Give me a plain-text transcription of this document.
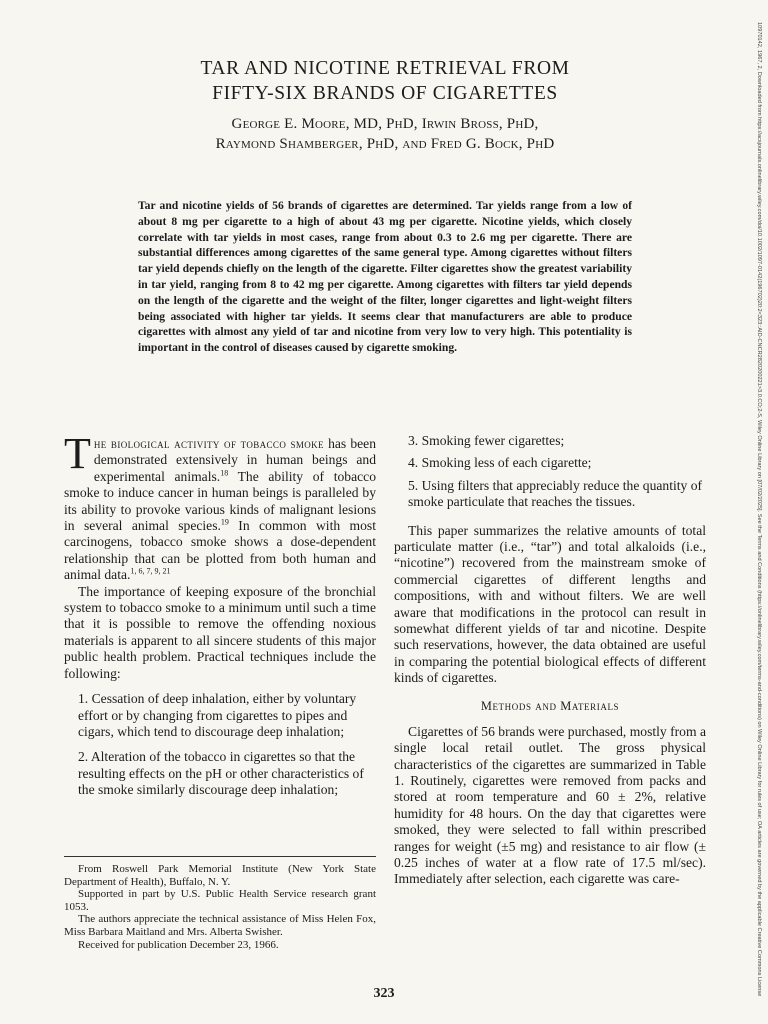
10970142, 1967, 2, Downloaded from https://acsjournals.onlinelibrary.wiley.com/doi/10.1002/1097-0142(196702)20:2<323::AID-CNCR2820200221>3.0.CO;2-S, Wiley Online Library on [07/02/2025]. See the Terms and Conditions (https://onlinelibrary.wiley.com/terms-and-conditions) on Wiley Online Library for rules of use; OA articles are governed by the applicable Creative Commons License
TAR AND NICOTINE RETRIEVAL FROM
FIFTY-SIX BRANDS OF CIGARETTES
George E. Moore, MD, PhD, Irwin Bross, PhD,
Raymond Shamberger, PhD, and Fred G. Bock, PhD
Tar and nicotine yields of 56 brands of cigarettes are determined. Tar yields range from a low of about 8 mg per cigarette to a high of about 43 mg per cigarette. Nicotine yields, which closely correlate with tar yields in most cases, range from about 0.3 to 2.6 mg per cigarette. There are substantial differences among cigarettes of the same general type. Among cigarettes without filters tar yield depends chiefly on the length of the cigarette. Filter cigarettes show the greatest variability in tar yield, ranging from 8 to 42 mg per cigarette. Among cigarettes with filters tar yield depends on the length of the cigarette and the weight of the filter, longer cigarettes and light-weight filters being associated with higher tar yields. It seems clear that manufacturers are able to produce cigarettes with almost any yield of tar and nicotine from very low to very high. This potentiality is important in the control of diseases caused by cigarette smoking.

The biological activity of tobacco smoke has been demonstrated extensively in human beings and experimental animals.$^{18}$ The ability of tobacco smoke to induce cancer in human beings is paralleled by its ability to provoke various kinds of malignant lesions in several animal species.$^{19}$ In common with most carcinogens, tobacco smoke shows a dose-dependent relationship that can be plotted from both human and animal data.$^{1, 6, 7, 9, 21}$

The importance of keeping exposure of the bronchial system to tobacco smoke to a minimum until such a time that it is possible to remove the offending noxious materials is apparent to all sincere students of this major public health problem. Practical techniques include the following:

1. Cessation of deep inhalation, either by voluntary effort or by changing from cigarettes to pipes and cigars, which tend to discourage deep inhalation;

2. Alteration of the tobacco in cigarettes so that the resulting effects on the pH or other characteristics of the smoke similarly discourage deep inhalation;

From Roswell Park Memorial Institute (New York State Department of Health), Buffalo, N. Y.

Supported in part by U.S. Public Health Service research grant 1053.

The authors appreciate the technical assistance of Miss Helen Fox, Miss Barbara Maitland and Mrs. Alberta Swisher.

Received for publication December 23, 1966.

3. Smoking fewer cigarettes;

4. Smoking less of each cigarette;

5. Using filters that appreciably reduce the quantity of smoke particulate that reaches the tissues.

This paper summarizes the relative amounts of total particulate matter (i.e., “tar”) and total alkaloids (i.e., “nicotine”) recovered from the mainstream smoke of commercial cigarettes of different lengths and compositions, with and without filters. We are well aware that modifications in the protocol can result in somewhat different yields of tar and nicotine. Despite such reservations, however, the data obtained are useful in comparing the potential biological effects of different kinds of cigarettes.

Methods and Materials

Cigarettes of 56 brands were purchased, mostly from a single local retail outlet. The gross physical characteristics of the cigarettes are summarized in Table 1. Routinely, cigarettes were removed from packs and stored at room temperature and 60 ± 2%, relative humidity for 48 hours. On the day that cigarettes were smoked, they were selected to fall within prescribed ranges for weight (±5 mg) and resistance to air flow (± 0.25 inches of water at a flow rate of 17.5 ml/sec). Immediately after selection, each cigarette was care-

323
